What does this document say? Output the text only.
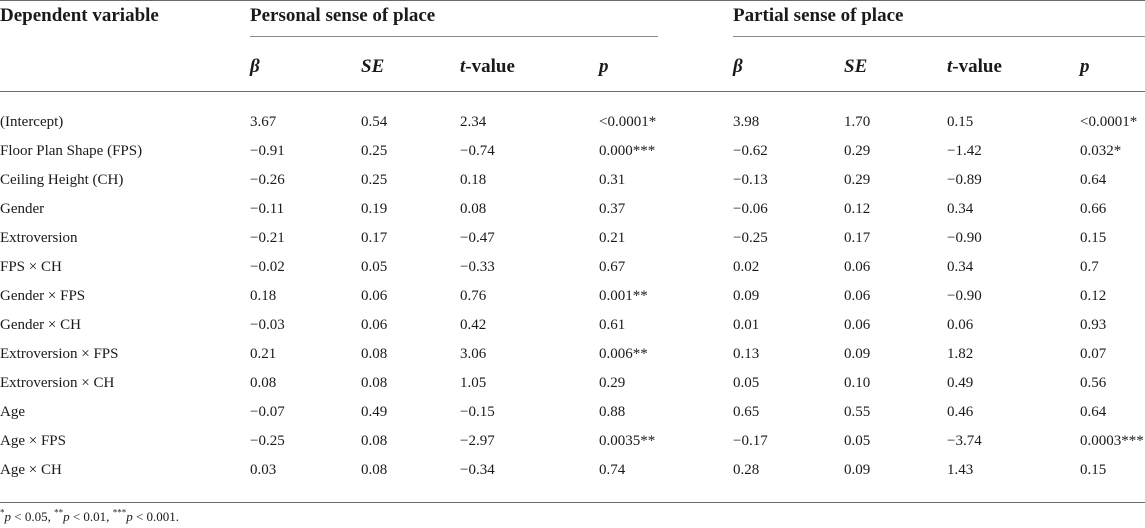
Dependent variable	Personal sense of place	Partial sense of place
β	SE	t-value	p	β	SE	t-value	p
(Intercept)	3.67	0.54	2.34	<0.0001*	3.98	1.70	0.15	<0.0001*
Floor Plan Shape (FPS)	−0.91	0.25	−0.74	0.000***	−0.62	0.29	−1.42	0.032*
Ceiling Height (CH)	−0.26	0.25	0.18	0.31	−0.13	0.29	−0.89	0.64
Gender	−0.11	0.19	0.08	0.37	−0.06	0.12	0.34	0.66
Extroversion	−0.21	0.17	−0.47	0.21	−0.25	0.17	−0.90	0.15
FPS × CH	−0.02	0.05	−0.33	0.67	0.02	0.06	0.34	0.7
Gender × FPS	0.18	0.06	0.76	0.001**	0.09	0.06	−0.90	0.12
Gender × CH	−0.03	0.06	0.42	0.61	0.01	0.06	0.06	0.93
Extroversion × FPS	0.21	0.08	3.06	0.006**	0.13	0.09	1.82	0.07
Extroversion × CH	0.08	0.08	1.05	0.29	0.05	0.10	0.49	0.56
Age	−0.07	0.49	−0.15	0.88	0.65	0.55	0.46	0.64
Age × FPS	−0.25	0.08	−2.97	0.0035**	−0.17	0.05	−3.74	0.0003***
Age × CH	0.03	0.08	−0.34	0.74	0.28	0.09	1.43	0.15
*p < 0.05, **p < 0.01, ***p < 0.001.
